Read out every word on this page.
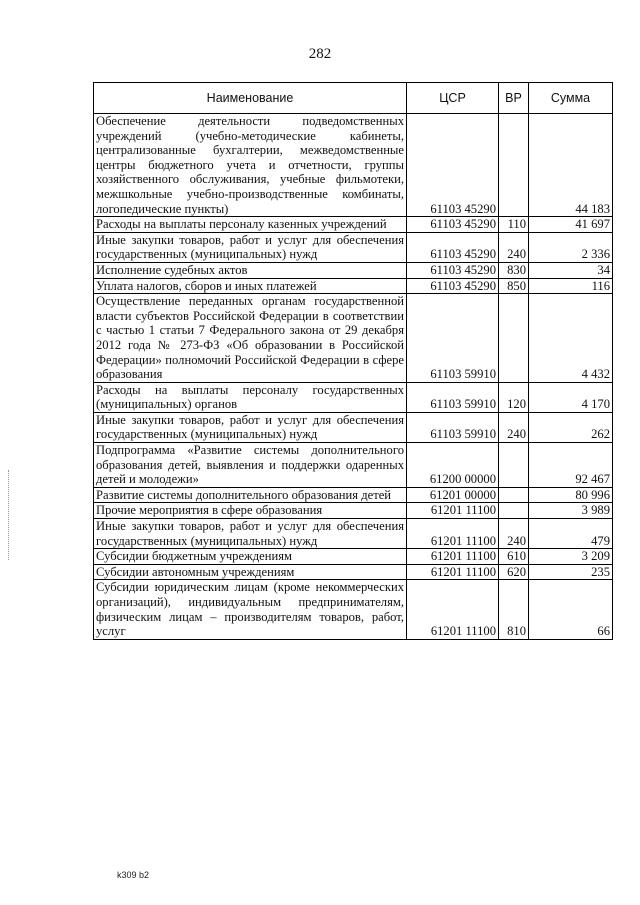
282
Наименование	ЦСР	ВР	Сумма
Обеспечение деятельности подведомственных учреждений (учебно-методические кабинеты, централизованные бухгалтерии, межведомственные центры бюджетного учета и отчетности, группы хозяйственного обслуживания, учебные фильмотеки, межшкольные учебно-производственные комбинаты, логопедические пункты)	61103 45290		44 183
Расходы на выплаты персоналу казенных учреждений	61103 45290	110	41 697
Иные закупки товаров, работ и услуг для обеспечения государственных (муниципальных) нужд	61103 45290	240	2 336
Исполнение судебных актов	61103 45290	830	34
Уплата налогов, сборов и иных платежей	61103 45290	850	116
Осуществление переданных органам государственной власти субъектов Российской Федерации в соответствии с частью 1 статьи 7 Федерального закона от 29 декабря 2012 года № 273-ФЗ «Об образовании в Российской Федерации» полномочий Российской Федерации в сфере образования	61103 59910		4 432
Расходы на выплаты персоналу государственных (муниципальных) органов	61103 59910	120	4 170
Иные закупки товаров, работ и услуг для обеспечения государственных (муниципальных) нужд	61103 59910	240	262
Подпрограмма «Развитие системы дополнительного образования детей, выявления и поддержки одаренных детей и молодежи»	61200 00000		92 467
Развитие системы дополнительного образования детей	61201 00000		80 996
Прочие мероприятия в сфере образования	61201 11100		3 989
Иные закупки товаров, работ и услуг для обеспечения государственных (муниципальных) нужд	61201 11100	240	479
Субсидии бюджетным учреждениям	61201 11100	610	3 209
Субсидии автономным учреждениям	61201 11100	620	235
Субсидии юридическим лицам (кроме некоммерческих организаций), индивидуальным предпринимателям, физическим лицам – производителям товаров, работ, услуг	61201 11100	810	66
k309 b2
